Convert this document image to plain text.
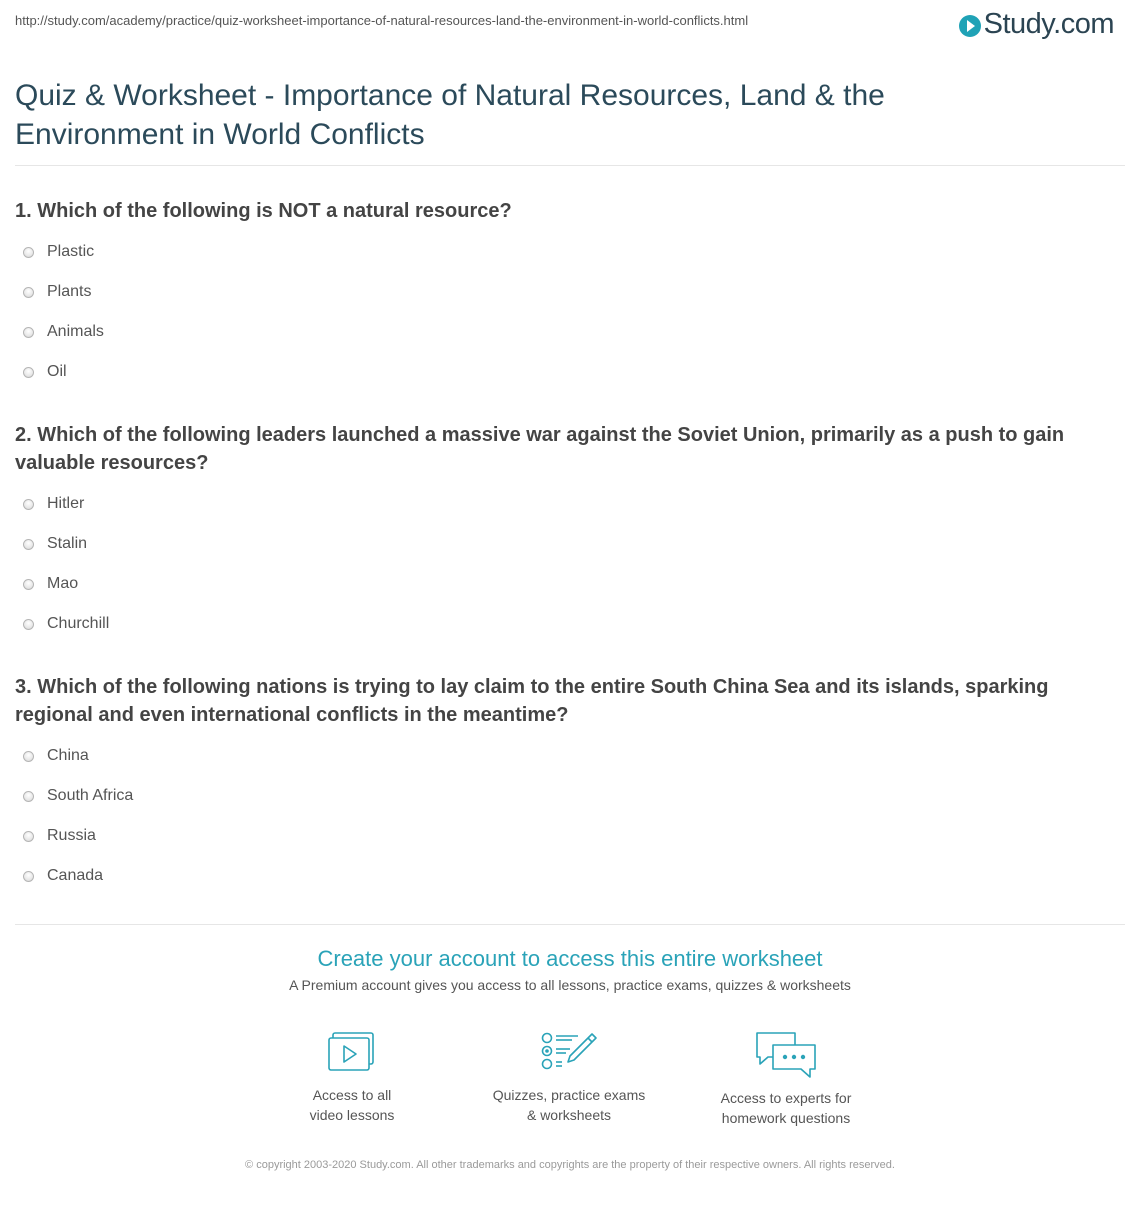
http://study.com/academy/practice/quiz-worksheet-importance-of-natural-resources-land-the-environment-in-world-conflicts.html	Study.com
Quiz & Worksheet - Importance of Natural Resources, Land & the Environment in World Conflicts
1. Which of the following is NOT a natural resource?
Plastic
Plants
Animals
Oil
2. Which of the following leaders launched a massive war against the Soviet Union, primarily as a push to gain valuable resources?
Hitler
Stalin
Mao
Churchill
3. Which of the following nations is trying to lay claim to the entire South China Sea and its islands, sparking regional and even international conflicts in the meantime?
China
South Africa
Russia
Canada
Create your account to access this entire worksheet
A Premium account gives you access to all lessons, practice exams, quizzes & worksheets
Access to all
video lessons
Quizzes, practice exams
& worksheets
Access to experts for
homework questions
© copyright 2003-2020 Study.com. All other trademarks and copyrights are the property of their respective owners. All rights reserved.
